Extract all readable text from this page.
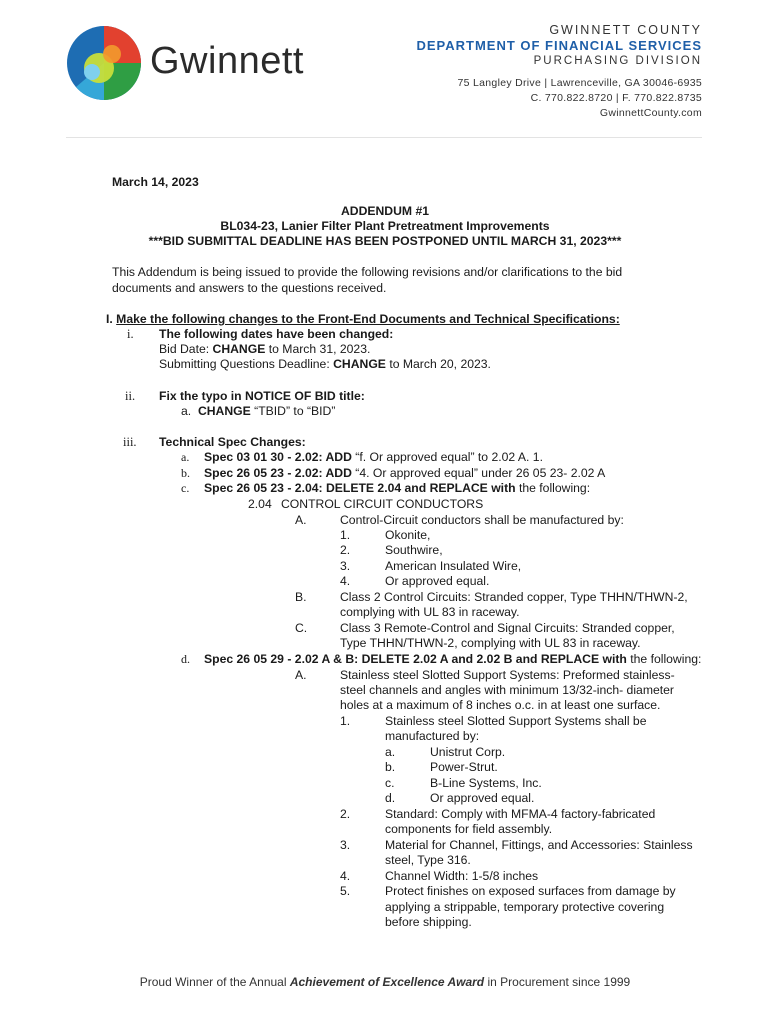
Gwinnett
GWINNETT COUNTY
DEPARTMENT OF FINANCIAL SERVICES
PURCHASING DIVISION
75 Langley Drive | Lawrenceville, GA 30046-6935
C. 770.822.8720 | F. 770.822.8735
GwinnettCounty.com
March 14, 2023
ADDENDUM #1
BL034-23, Lanier Filter Plant Pretreatment Improvements
***BID SUBMITTAL DEADLINE HAS BEEN POSTPONED UNTIL MARCH 31, 2023***
This Addendum is being issued to provide the following revisions and/or clarifications to the bid
documents and answers to the questions received.
I. Make the following changes to the Front-End Documents and Technical Specifications:
i. The following dates have been changed:
Bid Date: CHANGE to March 31, 2023.
Submitting Questions Deadline: CHANGE to March 20, 2023.
ii. Fix the typo in NOTICE OF BID title:
a. CHANGE “TBID” to “BID”
iii. Technical Spec Changes:
a. Spec 03 01 30 - 2.02: ADD “f. Or approved equal” to 2.02 A. 1.
b. Spec 26 05 23 - 2.02: ADD “4. Or approved equal” under 26 05 23- 2.02 A
c. Spec 26 05 23 - 2.04: DELETE 2.04 and REPLACE with the following:
2.04 CONTROL CIRCUIT CONDUCTORS
A.	Control-Circuit conductors shall be manufactured by:
1.	Okonite,
2.	Southwire,
3.	American Insulated Wire,
4.	Or approved equal.
B.	Class 2 Control Circuits: Stranded copper, Type THHN/THWN-2,
complying with UL 83 in raceway.
C.	Class 3 Remote-Control and Signal Circuits: Stranded copper,
Type THHN/THWN-2, complying with UL 83 in raceway.
d. Spec 26 05 29 - 2.02 A & B: DELETE 2.02 A and 2.02 B and REPLACE with the following:
A.	Stainless steel Slotted Support Systems: Preformed stainless-
steel channels and angles with minimum 13/32-inch- diameter
holes at a maximum of 8 inches o.c. in at least one surface.
1.	Stainless steel Slotted Support Systems shall be
manufactured by:
a.	Unistrut Corp.
b.	Power-Strut.
c.	B-Line Systems, Inc.
d.	Or approved equal.
2.	Standard: Comply with MFMA-4 factory-fabricated
components for field assembly.
3.	Material for Channel, Fittings, and Accessories: Stainless
steel, Type 316.
4.	Channel Width: 1-5/8 inches
5.	Protect finishes on exposed surfaces from damage by
applying a strippable, temporary protective covering
before shipping.
Proud Winner of the Annual Achievement of Excellence Award in Procurement since 1999
